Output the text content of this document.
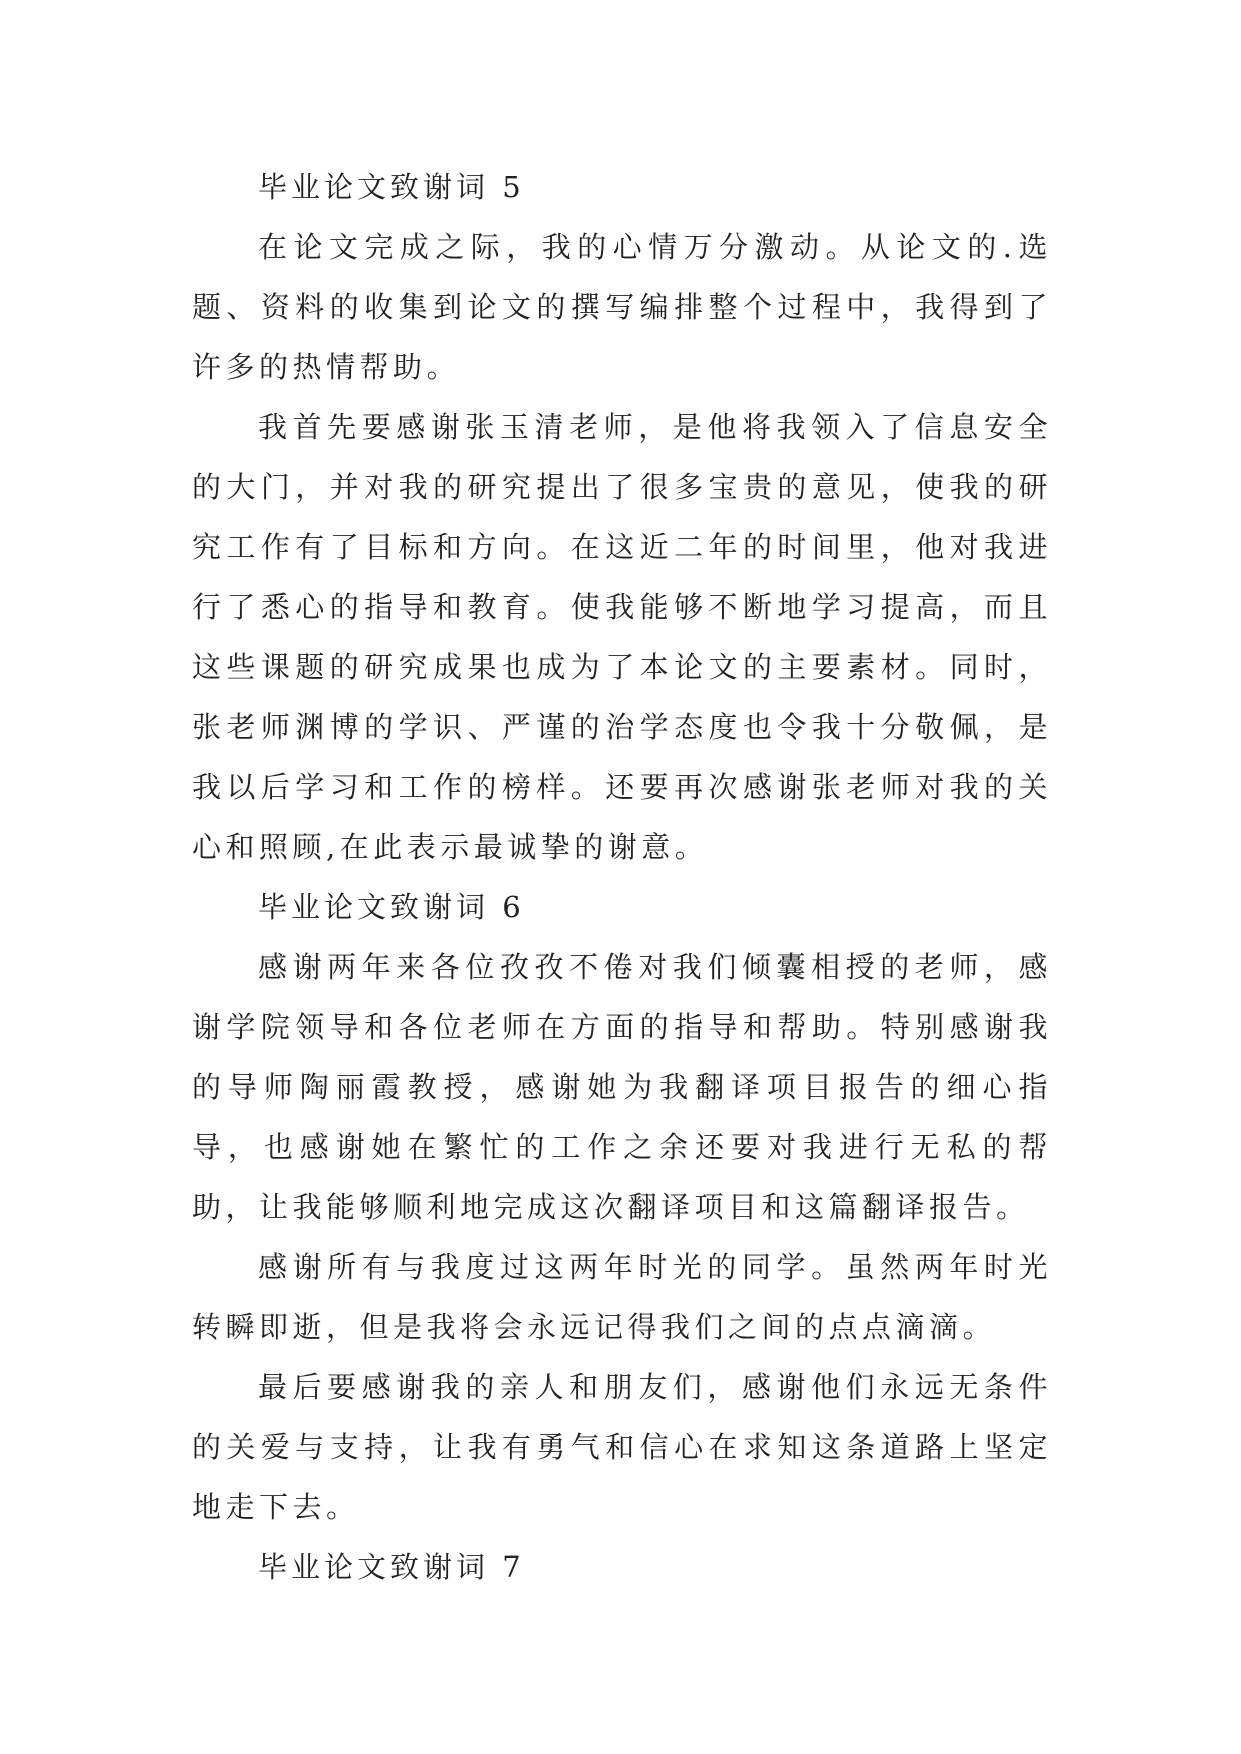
毕业论文致谢词 5

在论文完成之际，我的心情万分激动。从论文的.选题、资料的收集到论文的撰写编排整个过程中，我得到了许多的热情帮助。

我首先要感谢张玉清老师，是他将我领入了信息安全的大门，并对我的研究提出了很多宝贵的意见，使我的研究工作有了目标和方向。在这近二年的时间里，他对我进行了悉心的指导和教育。使我能够不断地学习提高，而且这些课题的研究成果也成为了本论文的主要素材。同时，张老师渊博的学识、严谨的治学态度也令我十分敬佩，是我以后学习和工作的榜样。还要再次感谢张老师对我的关心和照顾,在此表示最诚挚的谢意。

毕业论文致谢词 6

感谢两年来各位孜孜不倦对我们倾囊相授的老师，感谢学院领导和各位老师在方面的指导和帮助。特别感谢我的导师陶丽霞教授，感谢她为我翻译项目报告的细心指导，也感谢她在繁忙的工作之余还要对我进行无私的帮助，让我能够顺利地完成这次翻译项目和这篇翻译报告。

感谢所有与我度过这两年时光的同学。虽然两年时光转瞬即逝，但是我将会永远记得我们之间的点点滴滴。

最后要感谢我的亲人和朋友们，感谢他们永远无条件的关爱与支持，让我有勇气和信心在求知这条道路上坚定地走下去。

毕业论文致谢词 7
